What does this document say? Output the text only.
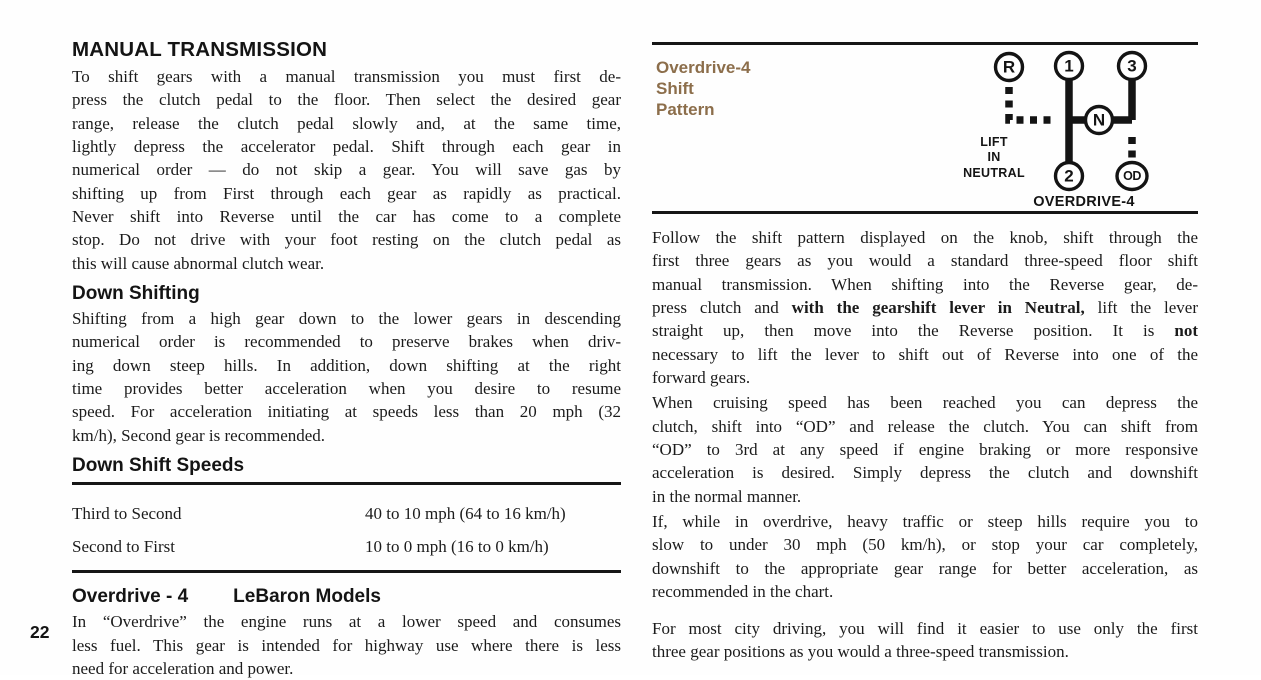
MANUAL TRANSMISSION
To shift gears with a manual transmission you must first de-
press the clutch pedal to the floor. Then select the desired gear
range, release the clutch pedal slowly and, at the same time,
lightly depress the accelerator pedal. Shift through each gear in
numerical order — do not skip a gear. You will save gas by
shifting up from First through each gear as rapidly as practical.
Never shift into Reverse until the car has come to a complete
stop. Do not drive with your foot resting on the clutch pedal as
this will cause abnormal clutch wear.
Down Shifting
Shifting from a high gear down to the lower gears in descending
numerical order is recommended to preserve brakes when driv-
ing down steep hills. In addition, down shifting at the right
time provides better acceleration when you desire to resume
speed. For acceleration initiating at speeds less than 20 mph (32
km/h), Second gear is recommended.
Down Shift Speeds
Third to Second	40 to 10 mph (64 to 16 km/h)
Second to First	10 to 0 mph (16 to 0 km/h)
Overdrive - 4 LeBaron Models
In “Overdrive” the engine runs at a lower speed and consumes
less fuel. This gear is intended for highway use where there is less
need for acceleration and power.
22
Overdrive-4
Shift
Pattern
R	1	3
N
2	OD
LIFT
IN
NEUTRAL
OVERDRIVE-4
Follow the shift pattern displayed on the knob, shift through the
first three gears as you would a standard three-speed floor shift
manual transmission. When shifting into the Reverse gear, de-
press clutch and with the gearshift lever in Neutral, lift the lever
straight up, then move into the Reverse position. It is not
necessary to lift the lever to shift out of Reverse into one of the
forward gears.
When cruising speed has been reached you can depress the
clutch, shift into “OD” and release the clutch. You can shift from
“OD” to 3rd at any speed if engine braking or more responsive
acceleration is desired. Simply depress the clutch and downshift
in the normal manner.
If, while in overdrive, heavy traffic or steep hills require you to
slow to under 30 mph (50 km/h), or stop your car completely,
downshift to the appropriate gear range for better acceleration, as
recommended in the chart.
For most city driving, you will find it easier to use only the first
three gear positions as you would a three-speed transmission.
